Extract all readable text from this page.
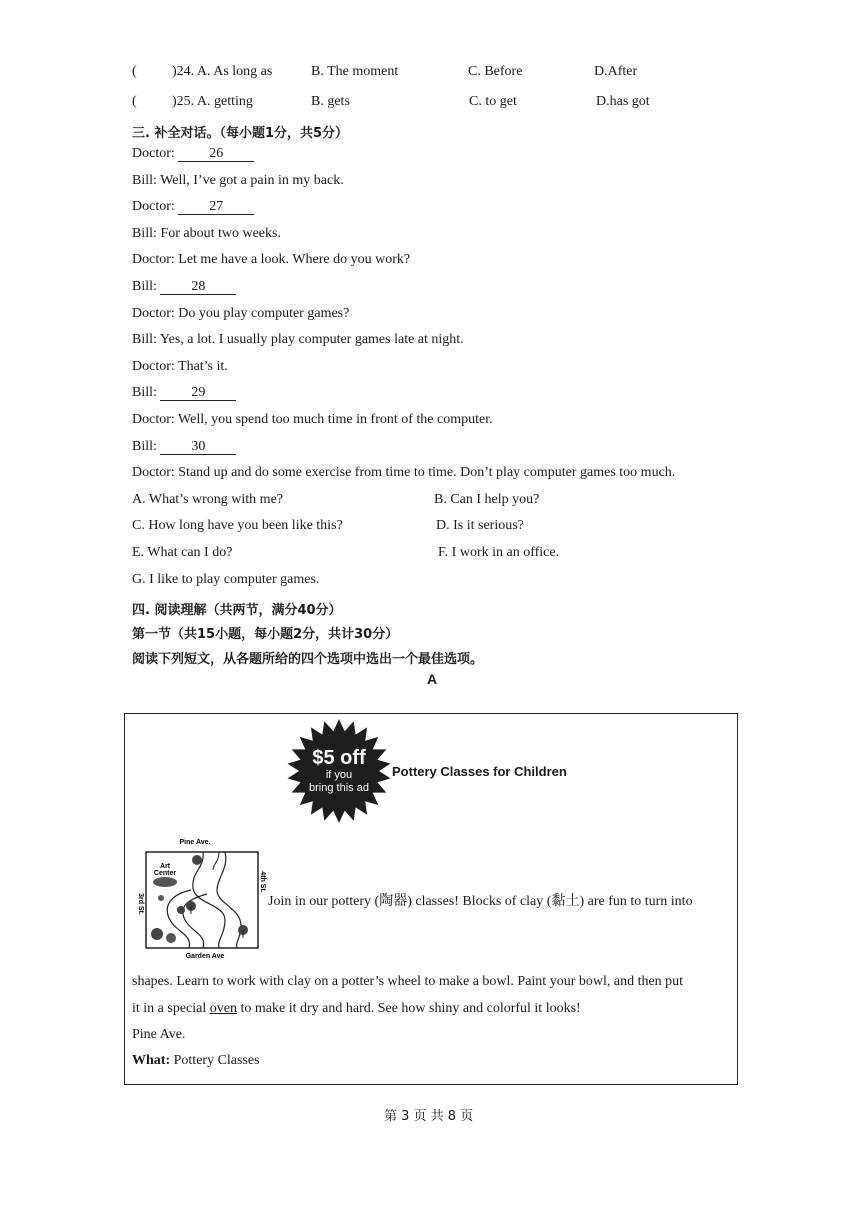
(	)24. A. As long as	B. The moment	C. Before	D.After
(	)25. A. getting	B. gets	C. to get	D.has got
三. 补全对话。（每小题1分，共5分）
Doctor: 26
Bill: Well, I’ve got a pain in my back.
Doctor: 27
Bill: For about two weeks.
Doctor: Let me have a look. Where do you work?
Bill: 28
Doctor: Do you play computer games?
Bill: Yes, a lot. I usually play computer games late at night.
Doctor: That’s it.
Bill: 29
Doctor: Well, you spend too much time in front of the computer.
Bill: 30
Doctor: Stand up and do some exercise from time to time. Don’t play computer games too much.
A. What’s wrong with me?	B. Can I help you?
C. How long have you been like this?	D. Is it serious?
E. What can I do?	F. I work in an office.
G. I like to play computer games.
四. 阅读理解（共两节，满分40分）
第一节（共15小题，每小题2分，共计30分）
阅读下列短文，从各题所给的四个选项中选出一个最佳选项。
A
$5 off
if you
bring this ad
Pottery Classes for Children
Pine Ave.
Garden Ave
3rd St.
4th St.
Art
Center
Join in our pottery (陶器) classes! Blocks of clay (黏土) are fun to turn into
shapes. Learn to work with clay on a potter’s wheel to make a bowl. Paint your bowl, and then put
it in a special oven to make it dry and hard. See how shiny and colorful it looks!
Pine Ave.
What: Pottery Classes
第 3 页 共 8 页
